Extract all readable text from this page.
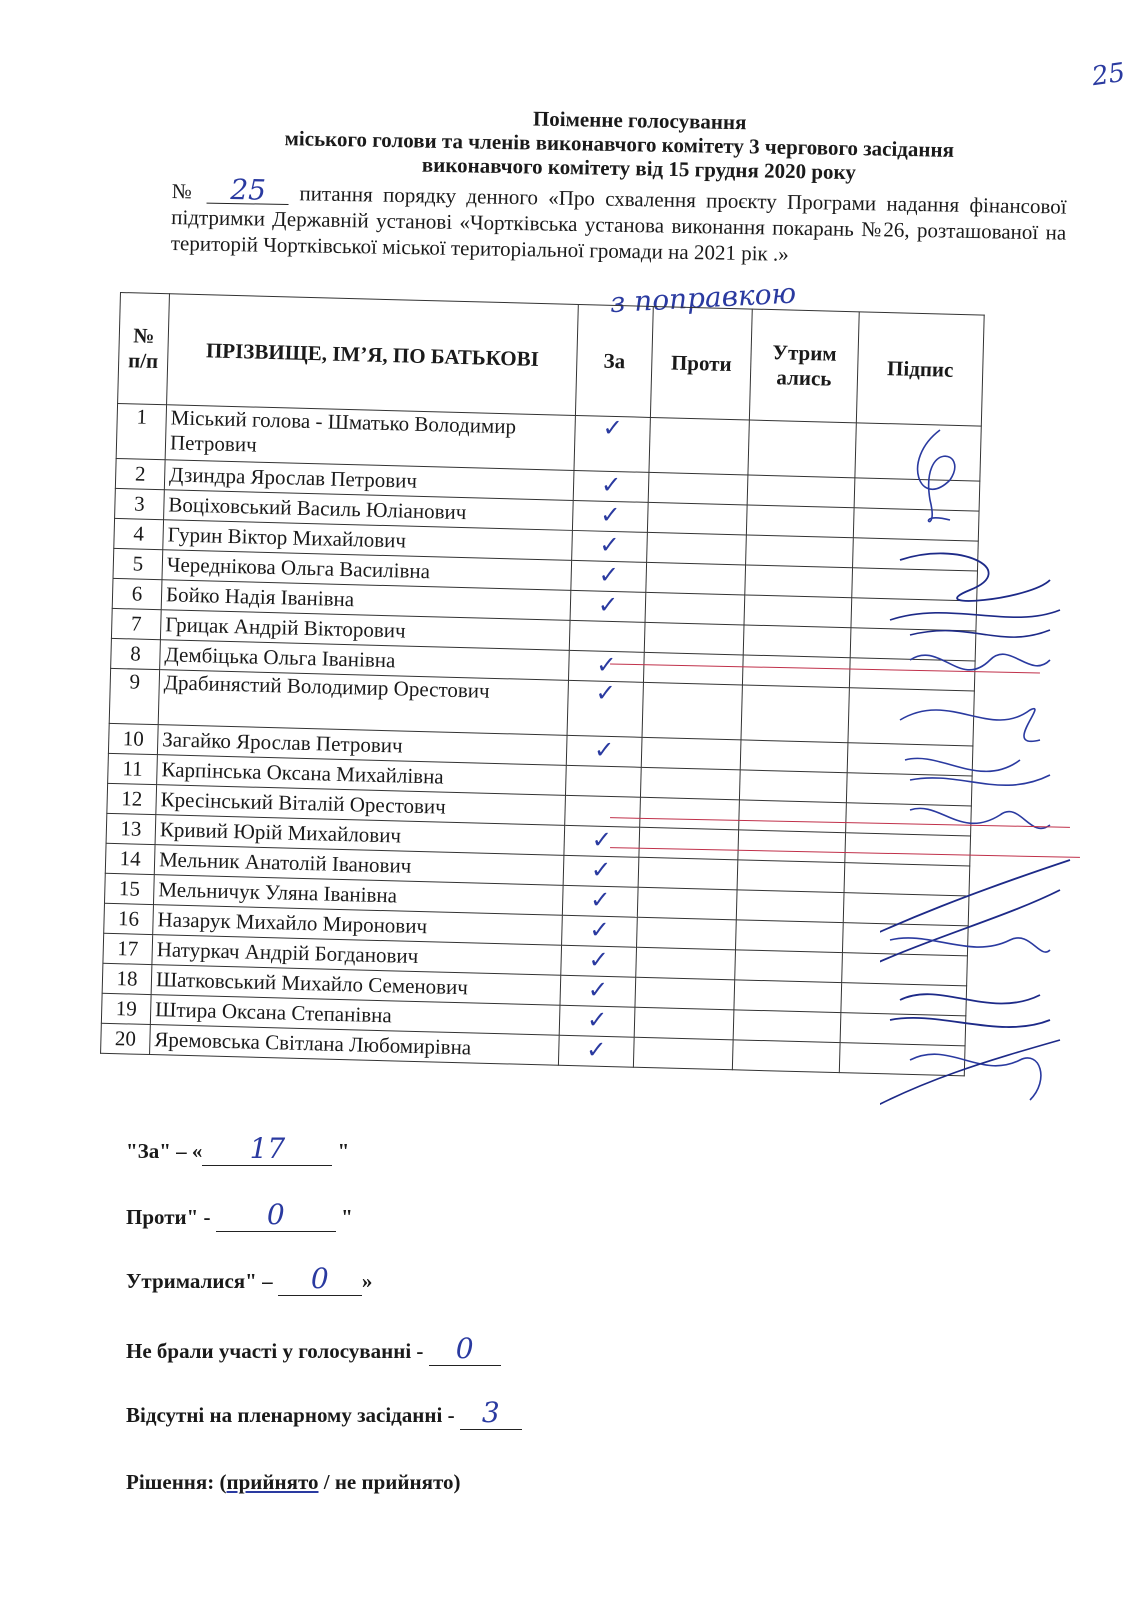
25
Поіменне голосування
міського голови та членів виконавчого комітету 3 чергового засідання
виконавчого комітету від 15 грудня 2020 року
№ 25 питання порядку денного «Про схвалення проєкту Програми надання фінансової підтримки Державній установі «Чортківська установа виконання покарань №26, розташованої на територій Чортківської міської територіальної громади на 2021 рік .»
з поправкою
№ п/п	ПРІЗВИЩЕ, ІМ’Я, ПО БАТЬКОВІ	За	Проти	Утрим ались	Підпис
1	Міський голова - Шматько Володимир Петрович	✓			
2	Дзиндра Ярослав Петрович	✓			
3	Воціховський Василь Юліанович	✓			
4	Гурин Віктор Михайлович	✓			
5	Череднікова Ольга Василівна	✓			
6	Бойко Надія Іванівна	✓			
7	Грицак Андрій Вікторович				
8	Дембіцька Ольга Іванівна	✓			
9	Драбинястий Володимир Орестович	✓			
10	Загайко Ярослав Петрович	✓			
11	Карпінська Оксана Михайлівна				
12	Кресінський Віталій Орестович				
13	Кривий Юрій Михайлович	✓			
14	Мельник Анатолій Іванович	✓			
15	Мельничук Уляна Іванівна	✓			
16	Назарук Михайло Миронович	✓			
17	Натуркач Андрій Богданович	✓			
18	Шатковський Михайло Семенович	✓			
19	Штира Оксана Степанівна	✓			
20	Яремовська Світлана Любомирівна	✓			
"За" – « 17 "
Проти" - 0	"
Утрималися" – 0 »
Не брали участі у голосуванні - 0
Відсутні на пленарному засіданні - 3
Рішення: (прийнято / не прийнято)
